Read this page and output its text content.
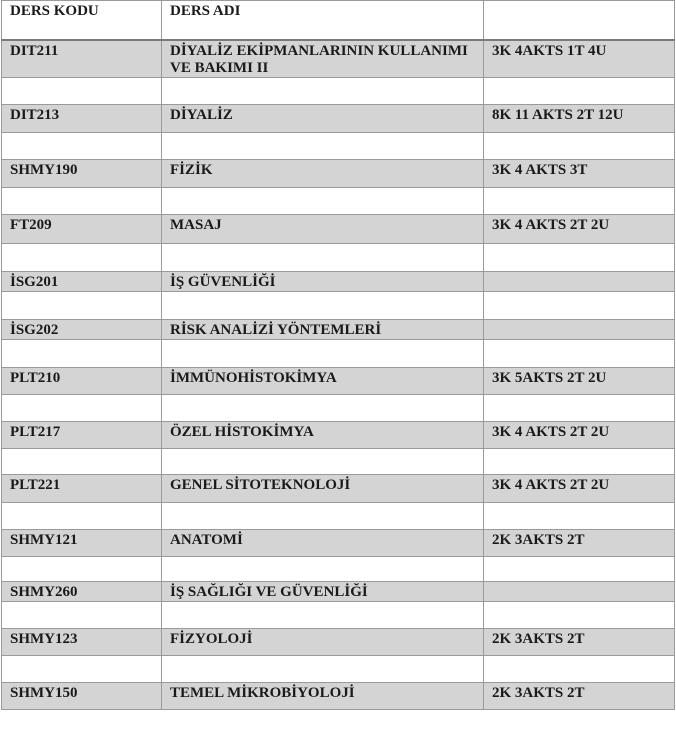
DERS KODU	DERS ADI	
DIT211	DİYALİZ EKİPMANLARININ KULLANIMI VE BAKIMI II	3K 4AKTS 1T 4U

DIT213	DİYALİZ	8K 11 AKTS 2T 12U

SHMY190	FİZİK	3K 4 AKTS 3T

FT209	MASAJ	3K 4 AKTS 2T 2U

İSG201	İŞ GÜVENLİĞİ	

İSG202	RİSK ANALİZİ YÖNTEMLERİ	

PLT210	İMMÜNOHİSTOKİMYA	3K 5AKTS 2T 2U

PLT217	ÖZEL HİSTOKİMYA	3K 4 AKTS 2T 2U

PLT221	GENEL SİTOTEKNOLOJİ	3K 4 AKTS 2T 2U

SHMY121	ANATOMİ	2K 3AKTS 2T

SHMY260	İŞ SAĞLIĞI VE GÜVENLİĞİ	

SHMY123	FİZYOLOJİ	2K 3AKTS 2T

SHMY150	TEMEL MİKROBİYOLOJİ	2K 3AKTS 2T
